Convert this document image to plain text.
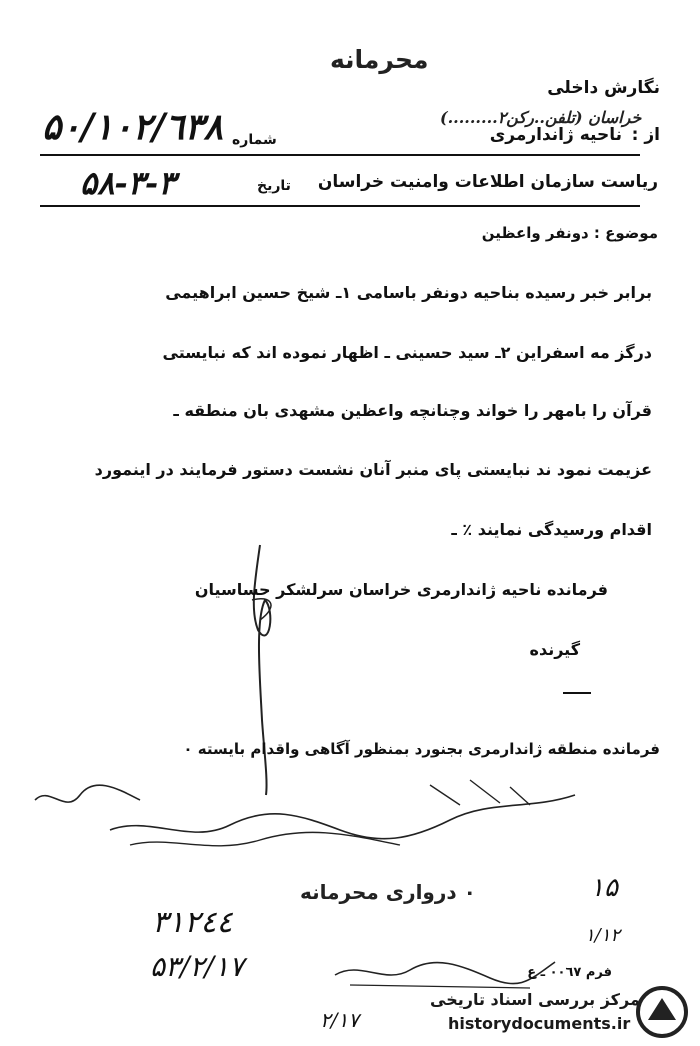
محرمانه
نگارش داخلی
از :
ناحیه ژاندارمری
خراسان (تلفن..رکن۲.........)
شماره
۵٠/١٠٢/٦٣٨
ریاست سازمان اطلاعات وامنیت خراسان
تاریخ
۵٣-٣-٨
موضوع : دونفر واعظین
برابر خبر رسیده بناحیه دونفر باسامی ۱ـ شیخ حسین ابراهیمی
درگز مه اسفراین ۲ـ سید حسینی ـ اظهار نموده اند که نبایستی
قرآن را بامهر را خواند وچنانچه واعظین مشهدی بان منطقه ـ
عزیمت نمود ند نبایستی پای منبر آنان نشست دستور فرمایند در اینمورد
اقدام ورسیدگی نمایند ٪ ـ
فرمانده ناحیه ژاندارمری خراسان سرلشکر حساسیان
گیرنده
فرمانده منطقه ژاندارمری بجنورد بمنظور آگاهی واقدام بایسته ٠
٠ درواری محرمانه	۱۵
١/١٢
٣١٢٤٤
۵٣/٢/١٧	فرم ٠٠٦٧ ـ ع
٢/١٧
مرکز بررسی اسناد تاریخی
historydocuments.ir
